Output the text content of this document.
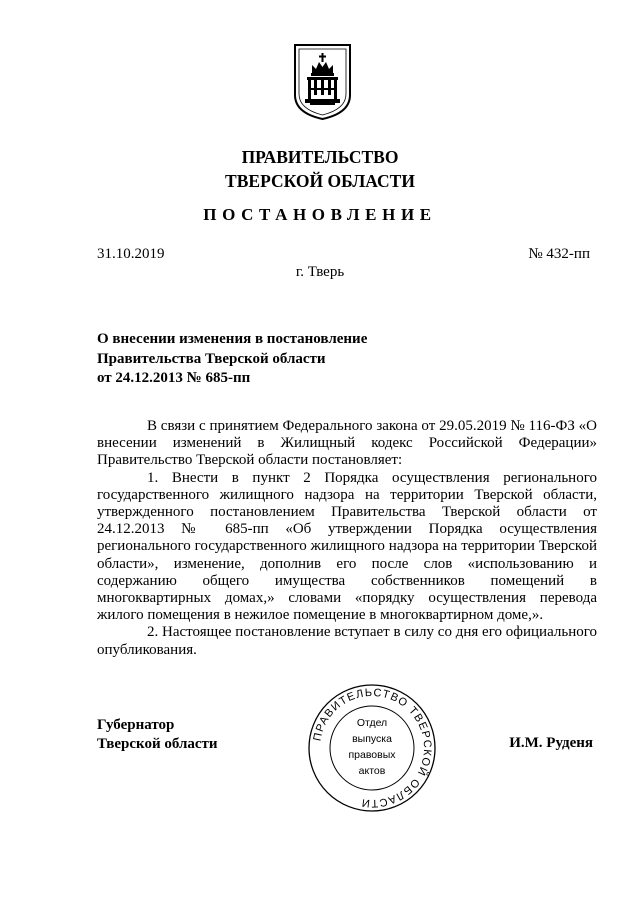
ПРАВИТЕЛЬСТВО
ТВЕРСКОЙ ОБЛАСТИ
ПОСТАНОВЛЕНИЕ
31.10.2019	№ 432-пп
г. Тверь
О внесении изменения в постановление
Правительства Тверской области
от 24.12.2013 № 685-пп

В связи с принятием Федерального закона от 29.05.2019 № 116-ФЗ «О внесении изменений в Жилищный кодекс Российской Федерации» Правительство Тверской области постановляет:

1. Внести в пункт 2 Порядка осуществления регионального государственного жилищного надзора на территории Тверской области, утвержденного постановлением Правительства Тверской области от 24.12.2013 № 685-пп «Об утверждении Порядка осуществления регионального государственного жилищного надзора на территории Тверской области», изменение, дополнив его после слов «использованию и содержанию общего имущества собственников помещений в многоквартирных домах,» словами «порядку осуществления перевода жилого помещения в нежилое помещение в многоквартирном доме,».

2. Настоящее постановление вступает в силу со дня его официального опубликования.

Губернатор
Тверской области	И.М. Руденя
ПРАВИТЕЛЬСТВО ТВЕРСКОЙ ОБЛАСТИ
Отдел
выпуска
правовых
актов
